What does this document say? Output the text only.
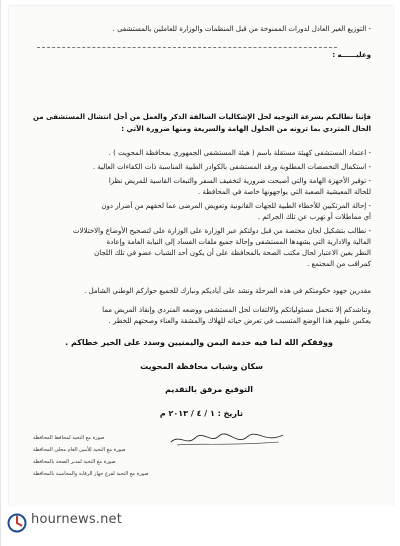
- التوزيع الغير العادل لدورات الممنوحة من قبل المنظمات والوزارة للعاملين بالمستشفى .
وعليــــــه :
فإننا نطالبكم بسرعة التوجيه لحل الإشكاليات السالفة الذكر والعمل من أجل انتشال المستشفى من
الحال المتردي بما ترونه من الحلول الهامة والسريعة ومنها ضرورة الآتي :
- اعتماد المستشفى كهيئة مستقلة باسم ( هيئة المستشفى الجمهوري بمحافظة المحويت ) .
- استكمال التخصصات المطلوبة ورفد المستشفى بالكوادر الطبية المناسبة ذات الكفاءات العالية .
- توفير الأجهزة الهامة والتي أصبحت ضرورية لتخفيف السفر والتبعات القاسية للمريض نظرا
للحالة المعيشية الصعبة التي يواجهونها خاصة في المحافظة .
- إحالة المرتكبين للأخطاء الطبية للجهات القانونية وتعويض المرضى عما لحقهم من أضرار دون
أي مماطلات أو تهرب عن تلك الجرائم .
- نطالب بتشكيل لجان مختصة من قبل دولتكم عبر الوزارة على الوزارة على لتصحيح الأوضاع والاختلالات
المالية والادارية التي يشهدها المستشفى وإحالة جميع ملفات الفساد إلى النيابة العامة وإعادة
النظر بعين الاعتبار لحال مكتب الصحة بالمحافظة على أن يكون أحد الشباب عضو في تلك اللجان
كمراقب من المجتمع .
مقدرين جهود حكومتكم في هذه المرحلة ونشد على أياديكم ونبارك للجميع حواركم الوطني الشامل .
وتناشدكم إلا نتحمل مسئولياتكم والالتفات لحل المستشفى ووضعه المتردي وإنقاذ المريض مما
يعكس عليهم هذا الوضع المتسبب في تعرض حياته للهلاك والمشقة والعناء وصحتهم للخطر .
ووفقكم الله لما فيه خدمة اليمن واليمنيين وسدد على الخير خطاكم .
سكان وشباب محافظة المحويت
التوقيع مرفق بالتقديم
تاريخ : ١ / ٤ / ٢٠١٣ م
صورة مع التحية لمحافظ المحافظة
صورة مع التحية للأمين العام محلي المحافظة
صورة مع التحية لمدير الصحة بالمحافظة
صورة مع التحية لفرع جهاز الرقابة والمحاسبة بالمحافظة
hournews.net
